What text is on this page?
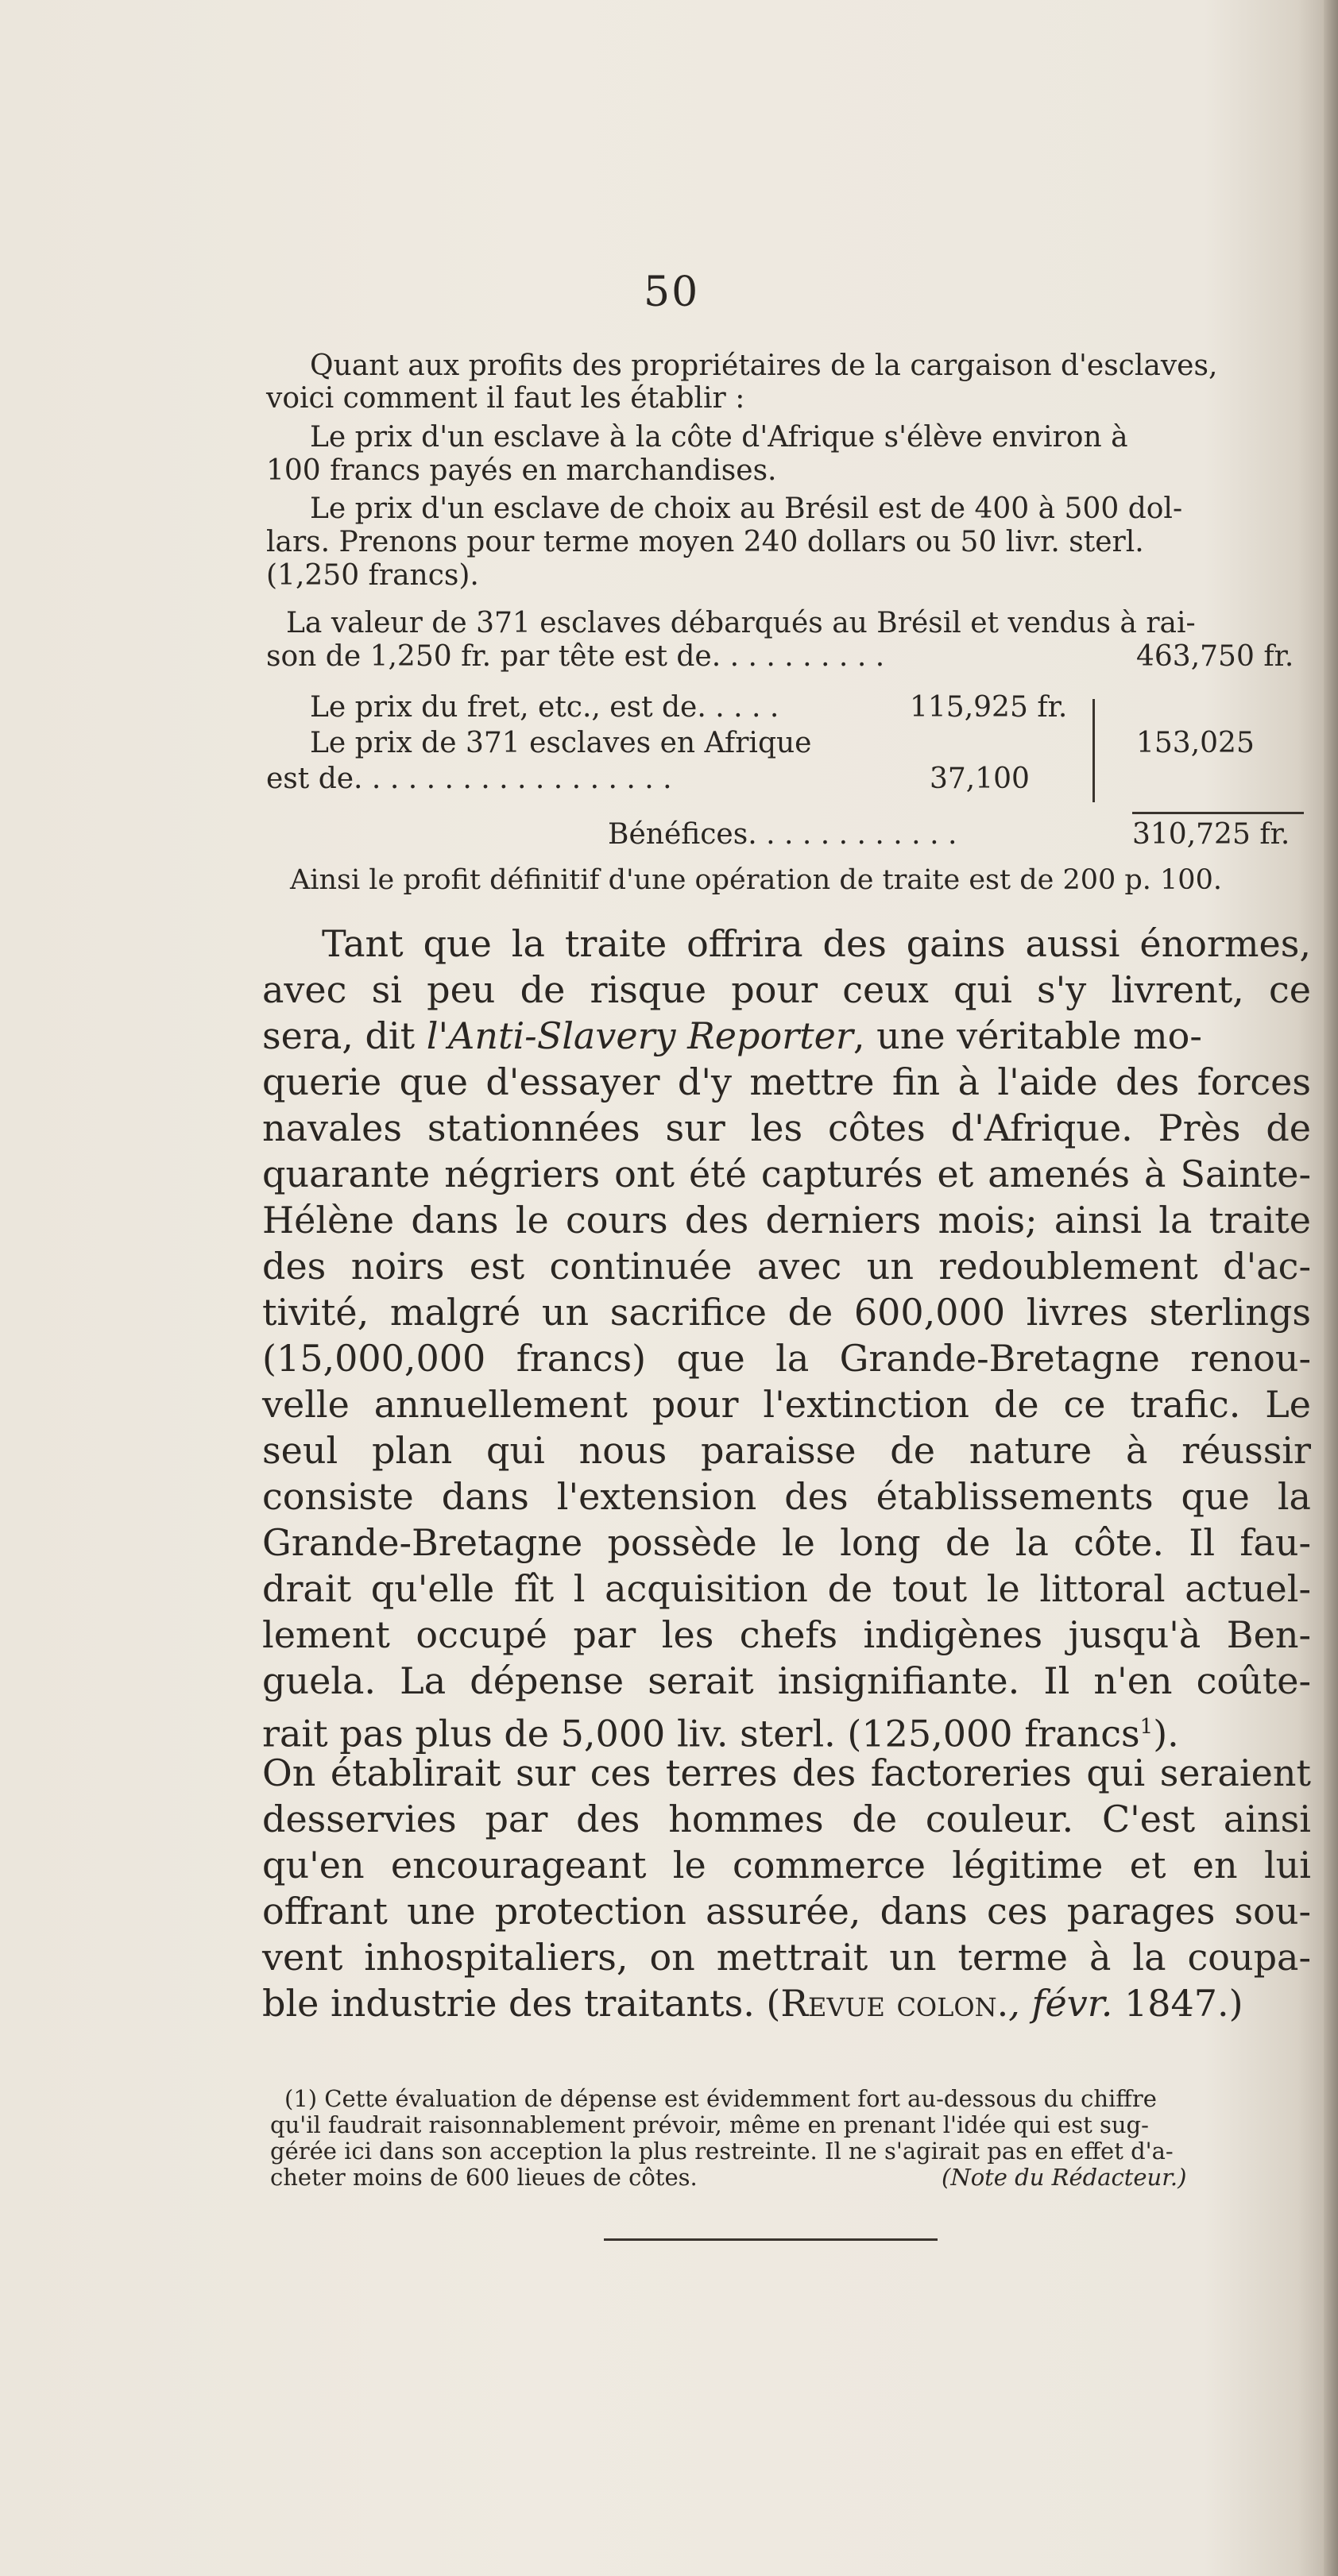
50
Quant aux profits des propriétaires de la cargaison d'esclaves,
voici comment il faut les établir :
Le prix d'un esclave à la côte d'Afrique s'élève environ à
100 francs payés en marchandises.
Le prix d'un esclave de choix au Brésil est de 400 à 500 dol-
lars. Prenons pour terme moyen 240 dollars ou 50 livr. sterl.
(1,250 francs).
La valeur de 371 esclaves débarqués au Brésil et vendus à rai-
son de 1,250 fr. par tête est de. . . . . . . . . .	463,750 fr.
Le prix du fret, etc., est de. . . . .	115,925 fr.
Le prix de 371 esclaves en Afrique	153,025
est de. . . . . . . . . . . . . . . . . .	37,100
Bénéfices. . . . . . . . . . . .	310,725 fr.
Ainsi le profit définitif d'une opération de traite est de 200 p. 100.
Tant que la traite offrira des gains aussi énormes,
avec si peu de risque pour ceux qui s'y livrent, ce
sera, dit l'Anti-Slavery Reporter, une véritable mo-
querie que d'essayer d'y mettre fin à l'aide des forces
navales stationnées sur les côtes d'Afrique. Près de
quarante négriers ont été capturés et amenés à Sainte-
Hélène dans le cours des derniers mois; ainsi la traite
des noirs est continuée avec un redoublement d'ac-
tivité, malgré un sacrifice de 600,000 livres sterlings
(15,000,000 francs) que la Grande-Bretagne renou-
velle annuellement pour l'extinction de ce trafic. Le
seul plan qui nous paraisse de nature à réussir
consiste dans l'extension des établissements que la
Grande-Bretagne possède le long de la côte. Il fau-
drait qu'elle fît l acquisition de tout le littoral actuel-
lement occupé par les chefs indigènes jusqu'à Ben-
guela. La dépense serait insignifiante. Il n'en coûte-
rait pas plus de 5,000 liv. sterl. (125,000 francs$^1$).
On établirait sur ces terres des factoreries qui seraient
desservies par des hommes de couleur. C'est ainsi
qu'en encourageant le commerce légitime et en lui
offrant une protection assurée, dans ces parages sou-
vent inhospitaliers, on mettrait un terme à la coupa-
ble industrie des traitants. (Revue colon., févr. 1847.)
(1) Cette évaluation de dépense est évidemment fort au-dessous du chiffre
qu'il faudrait raisonnablement prévoir, même en prenant l'idée qui est sug-
gérée ici dans son acception la plus restreinte. Il ne s'agirait pas en effet d'a-
cheter moins de 600 lieues de côtes.	(Note du Rédacteur.)
